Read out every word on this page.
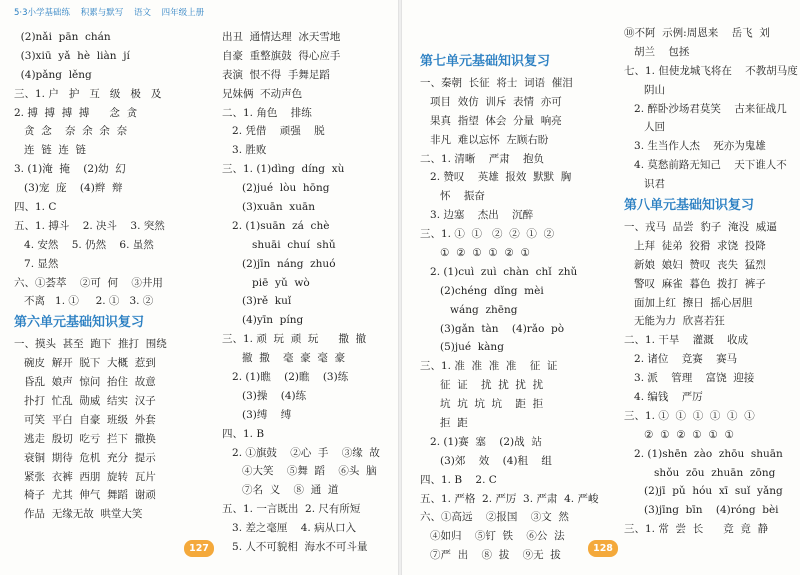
5·3小学基础练 积累与默写 语文 四年级上册
(2)nǎi  pān  chán
(3)xiū  yǎ  hè  liàn  jí
(4)pǎng  lěng
三、1. 户   护   互   级   极   及
2. 搏  搏  搏  搏      念  贪
贪  念    奈  余  余  奈
连  链  连  链
3. (1)淹  掩    (2)幼  幻
(3)宠  庞    (4)辫  辩
四、1. C
五、1. 搏斗    2. 决斗    3. 突然
4. 安然    5. 仍然    6. 虽然
7. 显然
六、①荟萃    ②可  何    ③井用
不离   1. ①     2. ①   3. ②
第六单元基础知识复习
一、摸头  甚至  跑下  推打  围绕
碗皮  解开  脱下  大概  惹到
昏乱  娘声  惊问  抬住  故意
扑打  忙乱  勋威  结实  汉子
可笑  平白  自豪  班级  外套
逃走  殷切  吃亏  拦下  撒换
衰铜  期待  危机  充分  提示
紧张  衣裤  西朋  旋转  瓦片
椅子  尤其  伸气  舞蹈  谢顽
作品  无缘无故  哄堂大笑
出丑  通情达理  冰天雪地
自豪  重整旗鼓  得心应手
表演  恨不得  手舞足蹈
兄妹俩  不动声色
二、1. 角色    排练
2. 凭借    顽强    脱
3. 胜败
三、1. (1)dìng  díng  xù
(2)jué  lòu  hōng
(3)xuān  xuān
2. (1)suān  zá  chè
shuāi  chuí  shǔ
(2)jīn  náng  zhuó
piē  yǔ  wò
(3)rě  kuǐ
(4)yīn  píng
三、1. 顽  玩  顽  玩      撒  撤
撤  撒    毫  豪  毫  豪
2. (1)瞧    (2)瞧    (3)练
(3)操    (4)练
(3)缚    缚
四、1. B
2. ①旗鼓    ②心  手    ③缘  故
④大笑    ⑤舞  蹈    ⑥头  脑
⑦名  义    ⑧  通  道
五、1. 一言既出  2. 尺有所短
3. 差之毫厘    4. 病从口入
5. 人不可貌相  海水不可斗量
127
第七单元基础知识复习
一、秦朝  长征  将士  词语  催泪
项目  效仿  训斥  表情  亦可
果真  指望  体会  分量  响亮
非凡  难以忘怀  左顾右盼
二、1. 清晰    严肃    抱负
2. 赞叹    英雄  报效  默默  胸
怀    振奋
3. 边塞    杰出    沉醉
三、1. ①  ①   ②  ②  ①  ②
①  ②  ①  ①  ②  ①
2. (1)cuì  zuì  chàn  chǐ  zhǔ
(2)chéng  dǐng  mèi
wáng  zhēng
(3)gǎn  tàn    (4)rǎo  pò
(5)jué  kàng
三、1. 准  准  准  准    征  证
征  证    扰  扰  扰  扰
坑  坑  坑  坑    距  拒
拒  距
2. (1)赛  塞    (2)战  站
(3)郊    效    (4)租    组
四、1. B    2. C
五、1. 严格  2. 严厉  3. 严肃  4. 严峻
六、①高远    ②报国    ③文  然
④如归    ⑤钉  铁    ⑥公  法
⑦严  出    ⑧  拔    ⑨无  拔
⑩不阿  示例:周恩来    岳飞  刘
胡兰    包拯
七、1. 但使龙城飞将在    不教胡马度
阴山
2. 醉卧沙场君莫笑    古来征战几
人回
3. 生当作人杰    死亦为鬼雄
4. 莫愁前路无知己    天下谁人不
识君
第八单元基础知识复习
一、戎马  品尝  豹子  淹没  威逼
上拜  徒弟  狡猾  求饶  投降
新娘  娘妇  赞叹  丧失  猛烈
警叹  麻雀  暮色  拨打  裤子
面加上红  擦日  摇心居胆
无能为力  欣喜若狂
二、1. 干旱    灌溉    收成
2. 诸位    竞赛    赛马
3. 派    管理    富饶  迎接
4. 编钱    严厉
三、1. ①  ①  ①  ①  ①  ①
②  ①  ②  ①  ①  ①
2. (1)shēn  zào  zhōu  shuān
shǒu  zōu  zhuān  zōng
(2)jī  pǔ  hóu  xī  suǐ  yǎng
(3)jīng  bīn    (4)róng  bèi
三、1. 常  尝  长      竞  竟  静
128
